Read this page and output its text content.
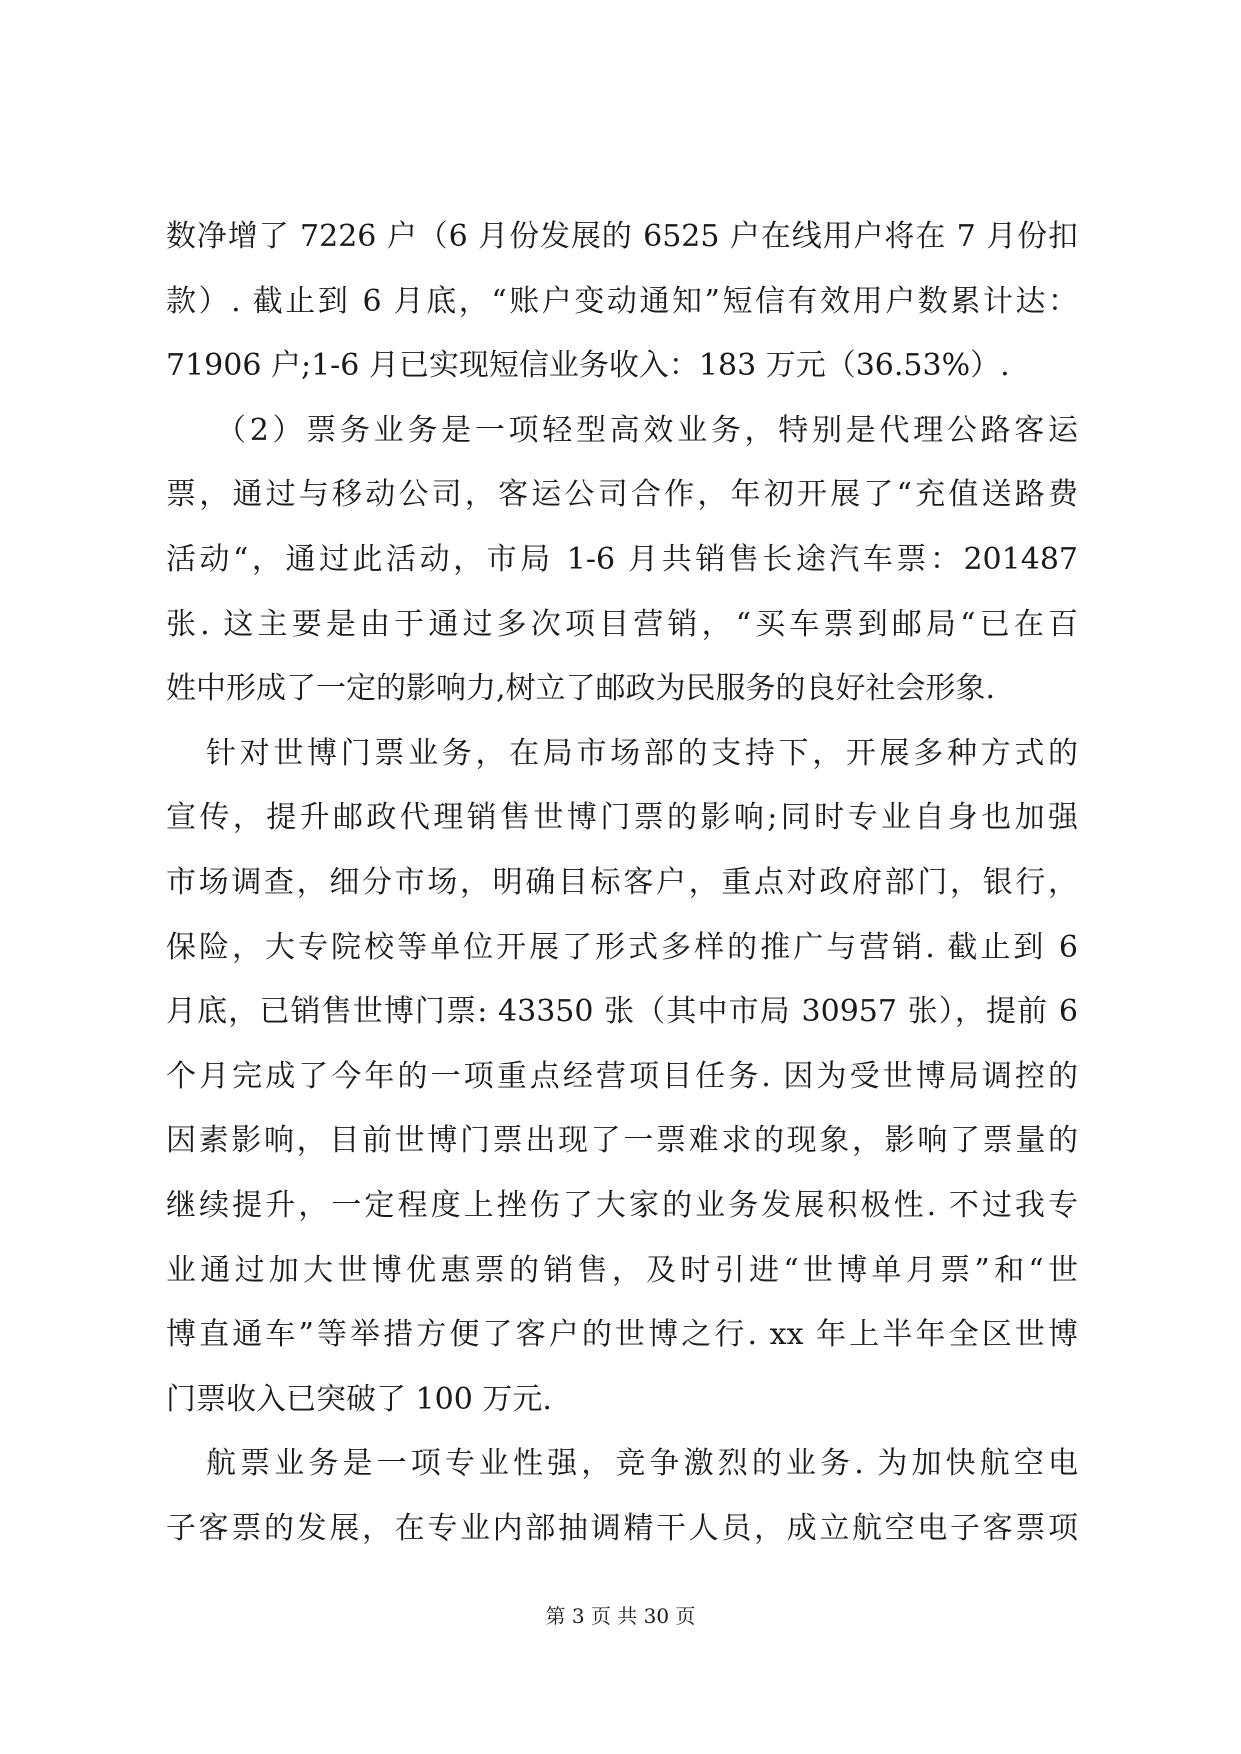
数净增了 7226 户（6 月份发展的 6525 户在线用户将在 7 月份扣
款）. 截止到 6 月底，“账户变动通知”短信有效用户数累计达：
71906 户;1-6 月已实现短信业务收入：183 万元（36.53%）.
（2）票务业务是一项轻型高效业务，特别是代理公路客运
票，通过与移动公司，客运公司合作，年初开展了“充值送路费
活动“，通过此活动，市局 1-6 月共销售长途汽车票：201487
张. 这主要是由于通过多次项目营销，“买车票到邮局“已在百
姓中形成了一定的影响力,树立了邮政为民服务的良好社会形象.
针对世博门票业务，在局市场部的支持下，开展多种方式的
宣传，提升邮政代理销售世博门票的影响;同时专业自身也加强
市场调查，细分市场，明确目标客户，重点对政府部门，银行，
保险，大专院校等单位开展了形式多样的推广与营销. 截止到 6
月底，已销售世博门票: 43350 张（其中市局 30957 张），提前 6
个月完成了今年的一项重点经营项目任务. 因为受世博局调控的
因素影响，目前世博门票出现了一票难求的现象，影响了票量的
继续提升，一定程度上挫伤了大家的业务发展积极性. 不过我专
业通过加大世博优惠票的销售，及时引进“世博单月票”和“世
博直通车”等举措方便了客户的世博之行. xx 年上半年全区世博
门票收入已突破了 100 万元.
航票业务是一项专业性强，竞争激烈的业务. 为加快航空电
子客票的发展，在专业内部抽调精干人员，成立航空电子客票项
第 3 页 共 30 页
